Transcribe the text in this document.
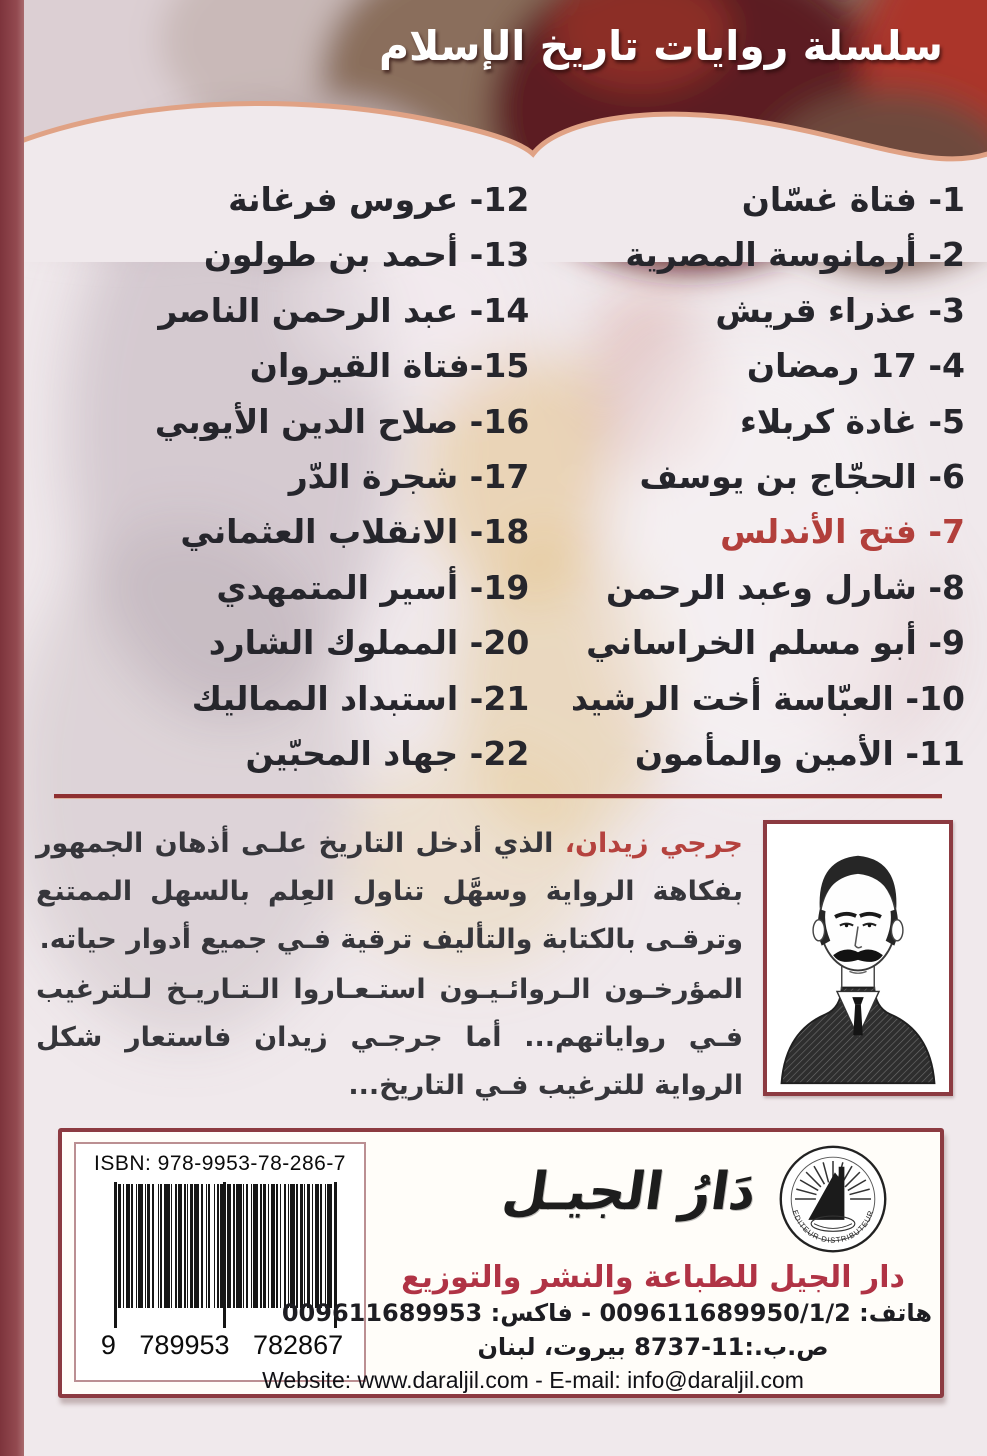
سلسلة روايات تاريخ الإسلام
1- فتاة غسّان
2- أرمانوسة المصرية
3- عذراء قريش
4- 17 رمضان
5- غادة كربلاء
6- الحجّاج بن يوسف
7- فتح الأندلس
8- شارل وعبد الرحمن
9- أبو مسلم الخراساني
10- العبّاسة أخت الرشيد
11- الأمين والمأمون
12- عروس فرغانة
13- أحمد بن طولون
14- عبد الرحمن الناصر
15-فتاة القيروان
16- صلاح الدين الأيوبي
17- شجرة الدّر
18- الانقلاب العثماني
19- أسير المتمهدي
20- المملوك الشارد
21- استبداد المماليك
22- جهاد المحبّين

جرجي زيدان، الذي أدخل التاريخ علـى أذهان الجمهور بفكاهة الرواية وسهَّل تناول العِلم بالسهل الممتنع وترقـى بالكتابة والتأليف ترقية فـي جميع أدوار حياته.

المؤرخـون الـروائـيـون استـعـاروا الـتـاريـخ لـلترغيب فـي رواياتهم... أما جرجـي زيدان فاستعار شكل الرواية للترغيب فـي التاريخ...

ISBN: 978-9953-78-286-7
9 789953 782867
EDITEUR DISTRIBUTEUR
دَارُ الجيـل
دار الجيل للطباعة والنشر والتوزيع
هاتف: 009611689950/1/2 - فاكس: 009611689953
ص.ب.:11-8737 بيروت، لبنان
Website: www.daraljil.com - E-mail: info@daraljil.com
